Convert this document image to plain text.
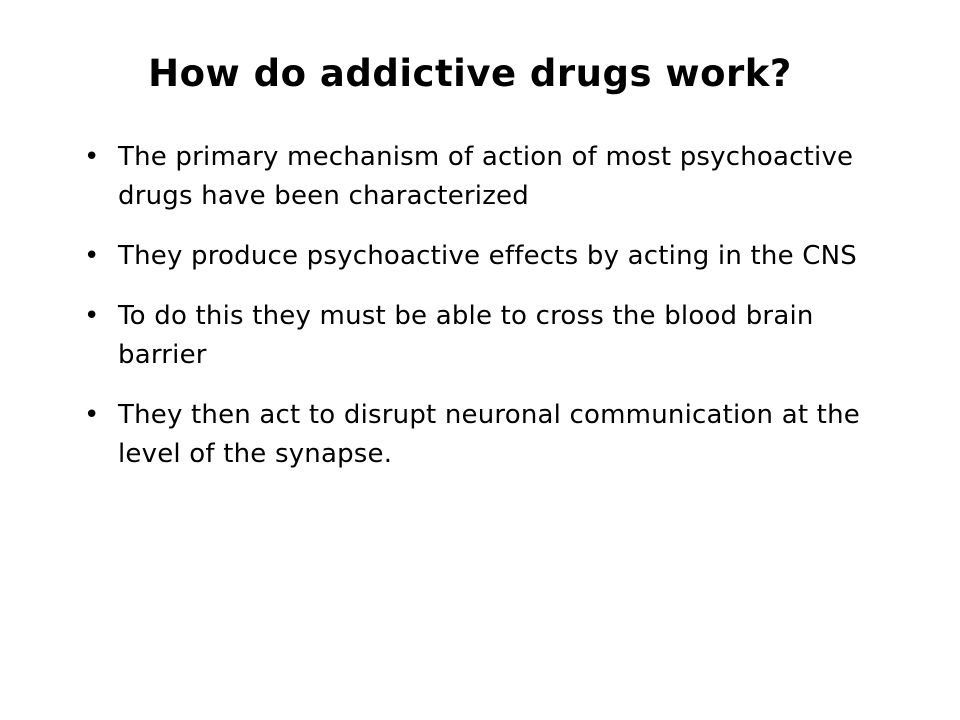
How do addictive drugs work?
• The primary mechanism of action of most psychoactive drugs have been characterized
• They produce psychoactive effects by acting in the CNS
• To do this they must be able to cross the blood brain barrier
• They then act to disrupt neuronal communication at the level of the synapse.
